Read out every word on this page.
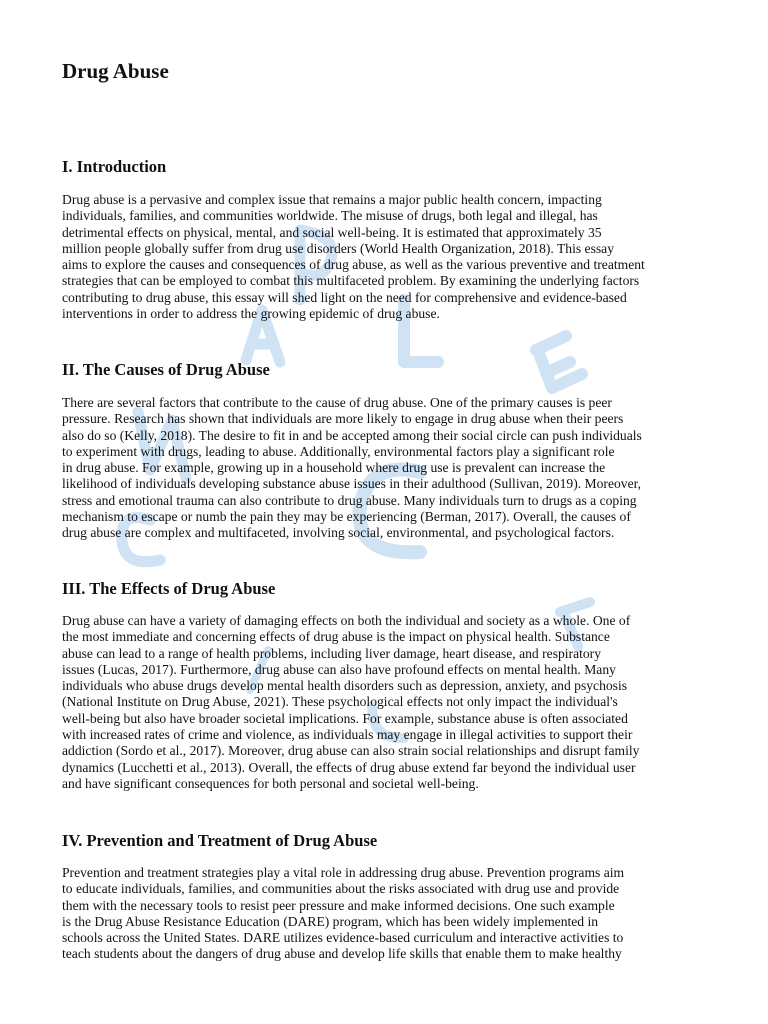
Drug Abuse
I. Introduction
Drug abuse is a pervasive and complex issue that remains a major public health concern, impacting
individuals, families, and communities worldwide. The misuse of drugs, both legal and illegal, has
detrimental effects on physical, mental, and social well-being. It is estimated that approximately 35
million people globally suffer from drug use disorders (World Health Organization, 2018). This essay
aims to explore the causes and consequences of drug abuse, as well as the various preventive and treatment
strategies that can be employed to combat this multifaceted problem. By examining the underlying factors
contributing to drug abuse, this essay will shed light on the need for comprehensive and evidence-based
interventions in order to address the growing epidemic of drug abuse.
II. The Causes of Drug Abuse
There are several factors that contribute to the cause of drug abuse. One of the primary causes is peer
pressure. Research has shown that individuals are more likely to engage in drug abuse when their peers
also do so (Kelly, 2018). The desire to fit in and be accepted among their social circle can push individuals
to experiment with drugs, leading to abuse. Additionally, environmental factors play a significant role
in drug abuse. For example, growing up in a household where drug use is prevalent can increase the
likelihood of individuals developing substance abuse issues in their adulthood (Sullivan, 2019). Moreover,
stress and emotional trauma can also contribute to drug abuse. Many individuals turn to drugs as a coping
mechanism to escape or numb the pain they may be experiencing (Berman, 2017). Overall, the causes of
drug abuse are complex and multifaceted, involving social, environmental, and psychological factors.
III. The Effects of Drug Abuse
Drug abuse can have a variety of damaging effects on both the individual and society as a whole. One of
the most immediate and concerning effects of drug abuse is the impact on physical health. Substance
abuse can lead to a range of health problems, including liver damage, heart disease, and respiratory
issues (Lucas, 2017). Furthermore, drug abuse can also have profound effects on mental health. Many
individuals who abuse drugs develop mental health disorders such as depression, anxiety, and psychosis
(National Institute on Drug Abuse, 2021). These psychological effects not only impact the individual's
well-being but also have broader societal implications. For example, substance abuse is often associated
with increased rates of crime and violence, as individuals may engage in illegal activities to support their
addiction (Sordo et al., 2017). Moreover, drug abuse can also strain social relationships and disrupt family
dynamics (Lucchetti et al., 2013). Overall, the effects of drug abuse extend far beyond the individual user
and have significant consequences for both personal and societal well-being.
IV. Prevention and Treatment of Drug Abuse
Prevention and treatment strategies play a vital role in addressing drug abuse. Prevention programs aim
to educate individuals, families, and communities about the risks associated with drug use and provide
them with the necessary tools to resist peer pressure and make informed decisions. One such example
is the Drug Abuse Resistance Education (DARE) program, which has been widely implemented in
schools across the United States. DARE utilizes evidence-based curriculum and interactive activities to
teach students about the dangers of drug abuse and develop life skills that enable them to make healthy
